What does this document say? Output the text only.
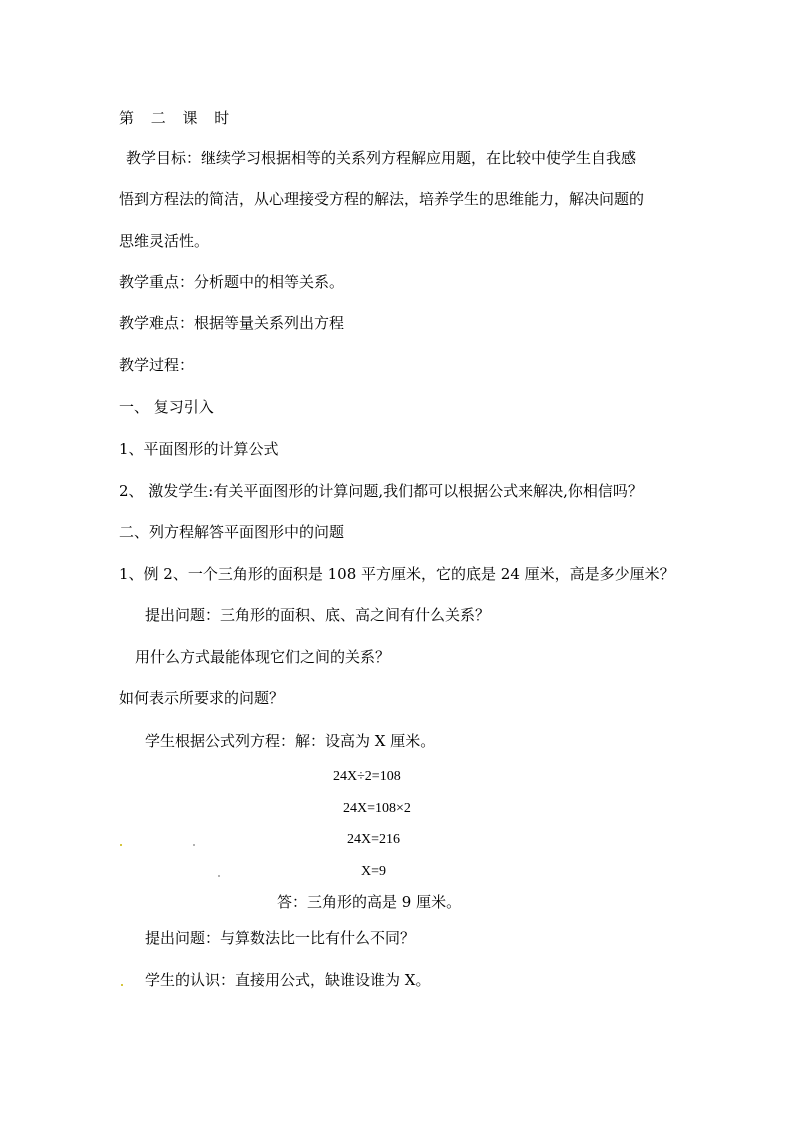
第 二 课 时
教学目标：继续学习根据相等的关系列方程解应用题，在比较中使学生自我感
悟到方程法的简洁，从心理接受方程的解法，培养学生的思维能力，解决问题的
思维灵活性。
教学重点：分析题中的相等关系。
教学难点：根据等量关系列出方程
教学过程：
一、 复习引入
1、平面图形的计算公式
2、 激发学生:有关平面图形的计算问题,我们都可以根据公式来解决,你相信吗？
二、列方程解答平面图形中的问题
1、例 2、一个三角形的面积是 108 平方厘米，它的底是 24 厘米，高是多少厘米？
提出问题：三角形的面积、底、高之间有什么关系？
用什么方式最能体现它们之间的关系？
如何表示所要求的问题？
学生根据公式列方程：解：设高为 X 厘米。
24X÷2=108
24X=108×2
24X=216
X=9
答：三角形的高是 9 厘米。
提出问题：与算数法比一比有什么不同？
学生的认识：直接用公式，缺谁设谁为 X。
